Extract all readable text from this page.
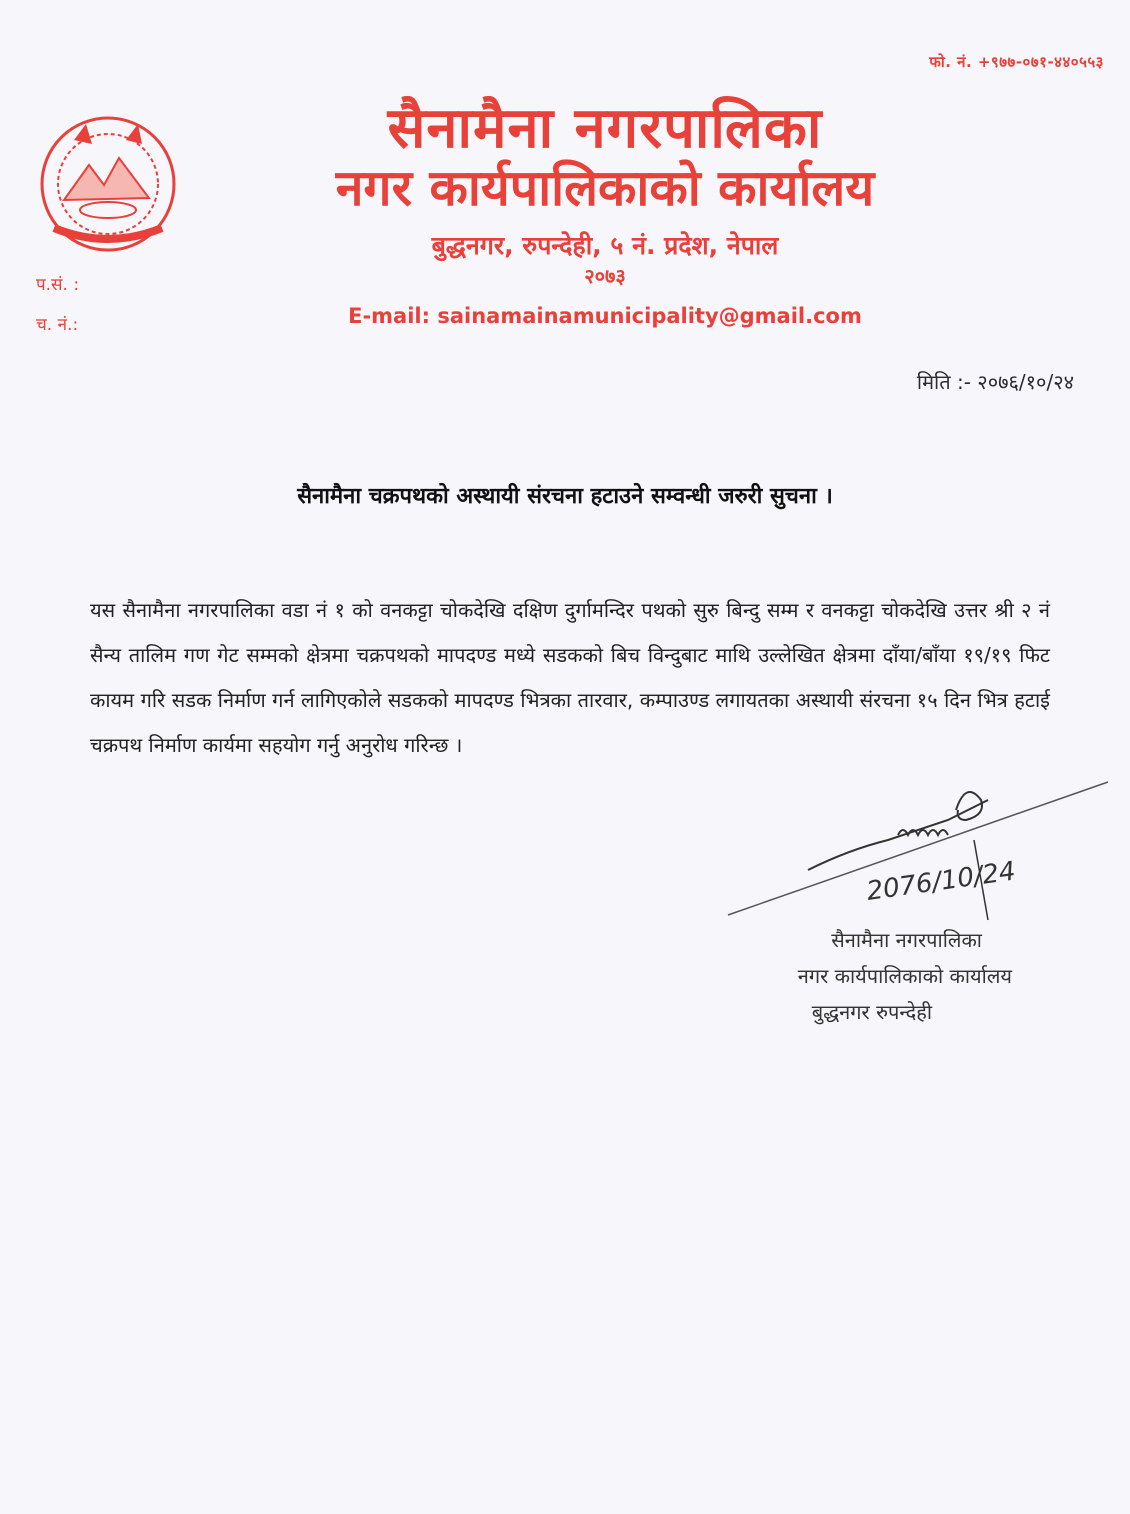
फो. नं. +९७७-०७१-४४०५५३
सैनामैना नगरपालिका
नगर कार्यपालिकाको कार्यालय
बुद्धनगर, रुपन्देही, ५ नं. प्रदेश, नेपाल
२०७३
E-mail: sainamainamunicipality@gmail.com
प.सं. :
च. नं.:
मिति :- २०७६/१०/२४
सैनामैना चक्रपथको अस्थायी संरचना हटाउने सम्वन्धी जरुरी सुचना ।
यस सैनामैना नगरपालिका वडा नं १ को वनकट्टा चोकदेखि दक्षिण दुर्गामन्दिर पथको सुरु बिन्दु सम्म र वनकट्टा चोकदेखि उत्तर श्री २ नं सैन्य तालिम गण गेट सम्मको क्षेत्रमा चक्रपथको मापदण्ड मध्ये सडकको बिच विन्दुबाट माथि उल्लेखित क्षेत्रमा दाँया/बाँया १९/१९ फिट कायम गरि सडक निर्माण गर्न लागिएकोले सडकको मापदण्ड भित्रका तारवार, कम्पाउण्ड लगायतका अस्थायी संरचना १५ दिन भित्र हटाई चक्रपथ निर्माण कार्यमा सहयोग गर्नु अनुरोध गरिन्छ ।
2076/10/24
सैनामैना नगरपालिका
नगर कार्यपालिकाको कार्यालय
बुद्धनगर रुपन्देही
